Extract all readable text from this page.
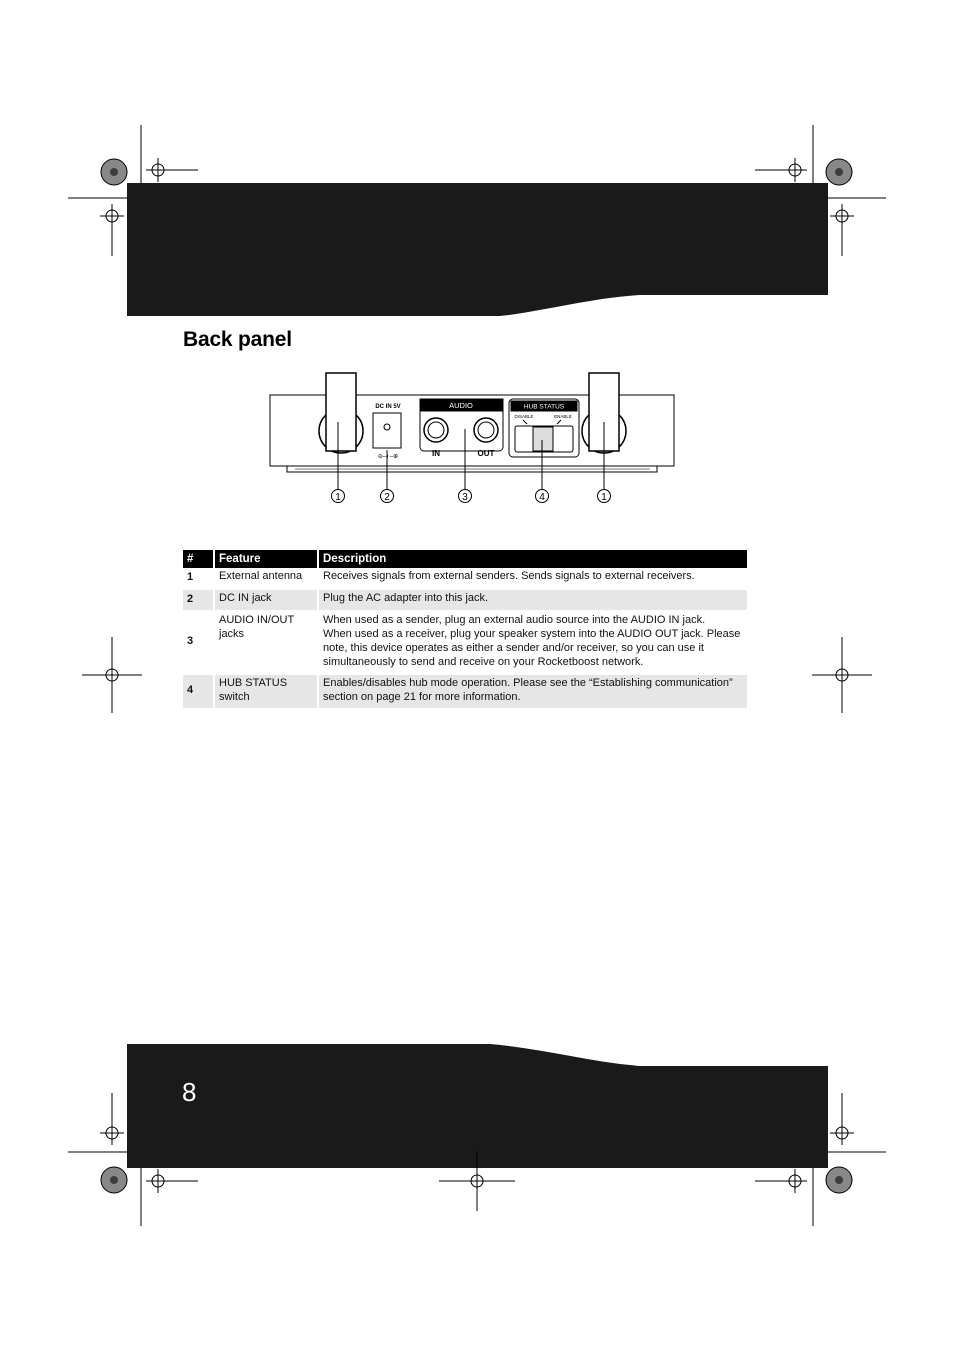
Back panel
DC IN 5V
⊖–◐–⊕
AUDIO
IN	OUT
HUB STATUS
DISABLE	ENABLE
1	2	3	4	1
#	Feature	Description
1	External antenna	Receives signals from external senders. Sends signals to external receivers.

2	DC IN jack	Plug the AC adapter into this jack.

3	AUDIO IN/OUT jacks	When used as a sender, plug an external audio source into the AUDIO IN jack.
When used as a receiver, plug your speaker system into the AUDIO OUT jack. Please note, this device operates as either a sender and/or receiver, so you can use it simultaneously to send and receive on your Rocketboost network.

4	HUB STATUS switch	Enables/disables hub mode operation. Please see the “Establishing communication” section on page 21 for more information.
8
